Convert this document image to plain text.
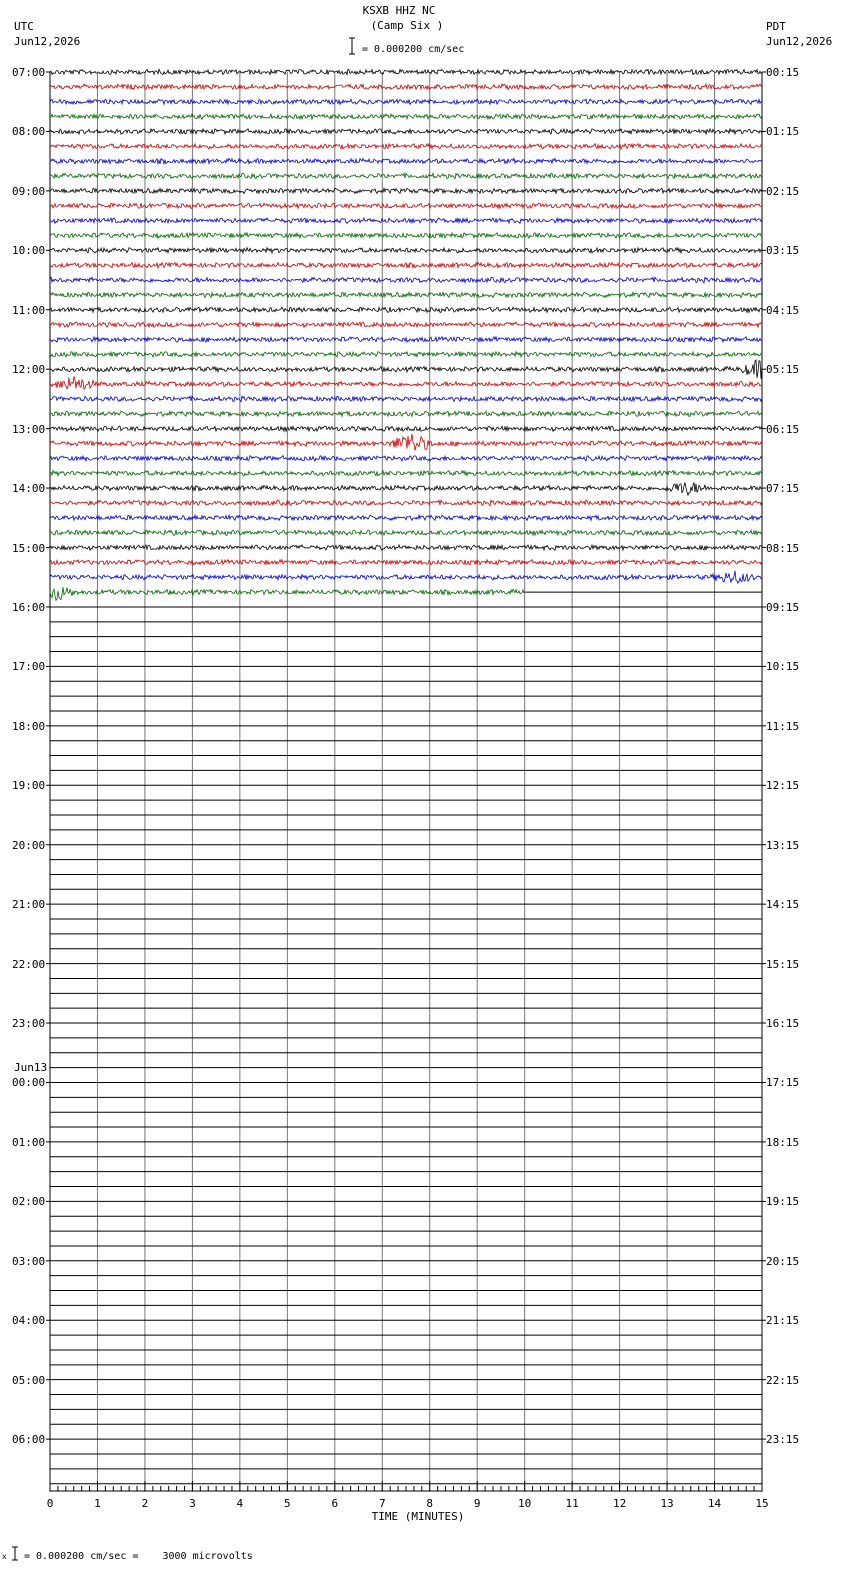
KSXB HHZ NC
(Camp Six )
= 0.000200 cm/sec
UTC
Jun12,2026
PDT
Jun12,2026
0	1	2	3	4	5	6	7	8	9	10	11	12	13	14	15
TIME (MINUTES)
x = 0.000200 cm/sec =    3000 microvolts
07:00
08:00
09:00
10:00
11:00
12:00
13:00
14:00
15:00
16:00
17:00
18:00
19:00
20:00
21:00
22:00
23:00
00:00
Jun13
01:00
02:00
03:00
04:00
05:00
06:00
00:15
01:15
02:15
03:15
04:15
05:15
06:15
07:15
08:15
09:15
10:15
11:15
12:15
13:15
14:15
15:15
16:15
17:15
18:15
19:15
20:15
21:15
22:15
23:15
